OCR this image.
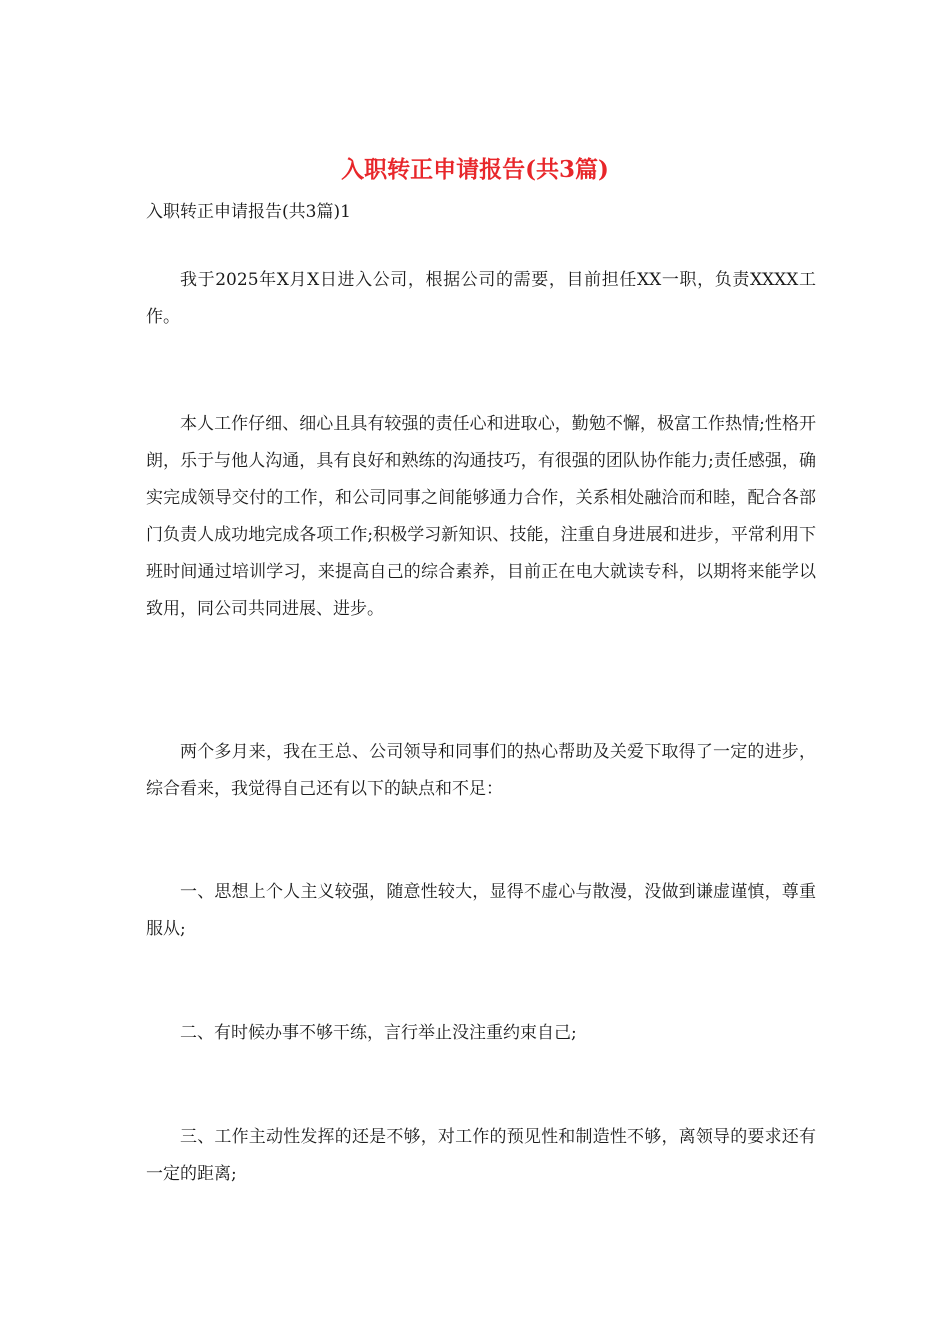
入职转正申请报告(共3篇)

入职转正申请报告(共3篇)1

我于2025年X月X日进入公司，根据公司的需要，目前担任XX一职，负责XXXX工作。

本人工作仔细、细心且具有较强的责任心和进取心，勤勉不懈，极富工作热情;性格开朗，乐于与他人沟通，具有良好和熟练的沟通技巧，有很强的团队协作能力;责任感强，确实完成领导交付的工作，和公司同事之间能够通力合作，关系相处融洽而和睦，配合各部门负责人成功地完成各项工作;积极学习新知识、技能，注重自身进展和进步，平常利用下班时间通过培训学习，来提高自己的综合素养，目前正在电大就读专科，以期将来能学以致用，同公司共同进展、进步。

两个多月来，我在王总、公司领导和同事们的热心帮助及关爱下取得了一定的进步，综合看来，我觉得自己还有以下的缺点和不足：

一、思想上个人主义较强，随意性较大，显得不虚心与散漫，没做到谦虚谨慎，尊重服从;

二、有时候办事不够干练，言行举止没注重约束自己;

三、工作主动性发挥的还是不够，对工作的预见性和制造性不够，离领导的要求还有一定的距离;
